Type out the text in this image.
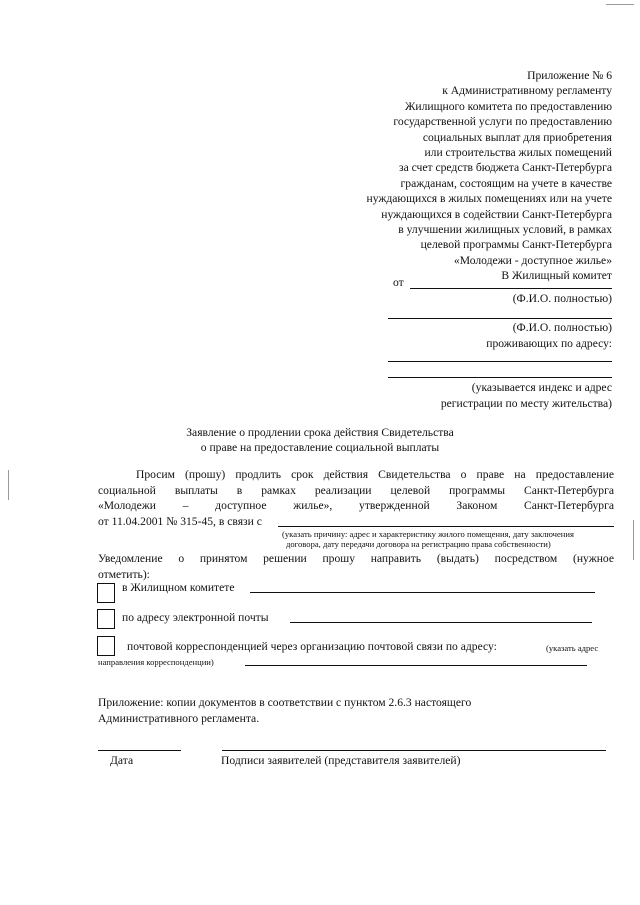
Приложение № 6
к Административному регламенту
Жилищного комитета по предоставлению
государственной услуги по предоставлению
социальных выплат для приобретения
или строительства жилых помещений
за счет средств бюджета Санкт-Петербурга
гражданам, состоящим на учете в качестве
нуждающихся в жилых помещениях или на учете
нуждающихся в содействии Санкт-Петербурга
в улучшении жилищных условий, в рамках
целевой программы Санкт-Петербурга
«Молодежи - доступное жилье»
В Жилищный комитет
от
(Ф.И.О. полностью)
(Ф.И.О. полностью)
проживающих по адресу:
(указывается индекс и адрес
регистрации по месту жительства)
Заявление о продлении срока действия Свидетельства
о праве на предоставление социальной выплаты
Просим (прошу) продлить срок действия Свидетельства о праве на предоставление
социальной выплаты в рамках реализации целевой программы Санкт-Петербурга
«Молодежи – доступное жилье», утвержденной Законом Санкт-Петербурга
от 11.04.2001 № 315-45, в связи с
(указать причину: адрес и характеристику жилого помещения, дату заключения
договора, дату передачи договора на регистрацию права собственности)
Уведомление о принятом решении прошу направить (выдать) посредством (нужное
отметить):
в Жилищном комитете
по адресу электронной почты
почтовой корреспонденцией через организацию почтовой связи по адресу:	(указать адрес
направления корреспонденции)
Приложение: копии документов в соответствии с пунктом 2.6.3 настоящего
Административного регламента.
Дата	Подписи заявителей (представителя заявителей)
